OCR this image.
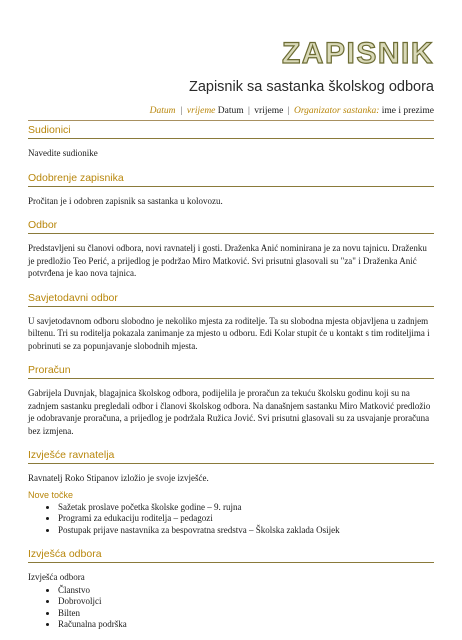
ZAPISNIK
Zapisnik sa sastanka školskog odbora
Datum | vrijeme Datum | vrijeme | Organizator sastanka: ime i prezime
Sudionici

Navedite sudionike

Odobrenje zapisnika

Pročitan je i odobren zapisnik sa sastanka u kolovozu.

Odbor

Predstavljeni su članovi odbora, novi ravnatelj i gosti. Draženka Anić nominirana je za novu tajnicu. Draženku je predložio Teo Perić, a prijedlog je podržao Miro Matković. Svi prisutni glasovali su "za" i Draženka Anić potvrđena je kao nova tajnica.

Savjetodavni odbor

U savjetodavnom odboru slobodno je nekoliko mjesta za roditelje. Ta su slobodna mjesta objavljena u zadnjem biltenu. Tri su roditelja pokazala zanimanje za mjesto u odboru. Edi Kolar stupit će u kontakt s tim roditeljima i pobrinuti se za popunjavanje slobodnih mjesta.

Proračun

Gabrijela Duvnjak, blagajnica školskog odbora, podijelila je proračun za tekuću školsku godinu koji su na zadnjem sastanku pregledali odbor i članovi školskog odbora. Na današnjem sastanku Miro Matković predložio je odobravanje proračuna, a prijedlog je podržala Ružica Jović. Svi prisutni glasovali su za usvajanje proračuna bez izmjena.

Izvješće ravnatelja

Ravnatelj Roko Stipanov izložio je svoje izvješće.

Nove točke
• Sažetak proslave početka školske godine – 9. rujna
• Programi za edukaciju roditelja – pedagozi
• Postupak prijave nastavnika za bespovratna sredstva – Školska zaklada Osijek
Izvješća odbora

Izvješća odbora

• Članstvo
• Dobrovoljci
• Bilten
• Računalna podrška
